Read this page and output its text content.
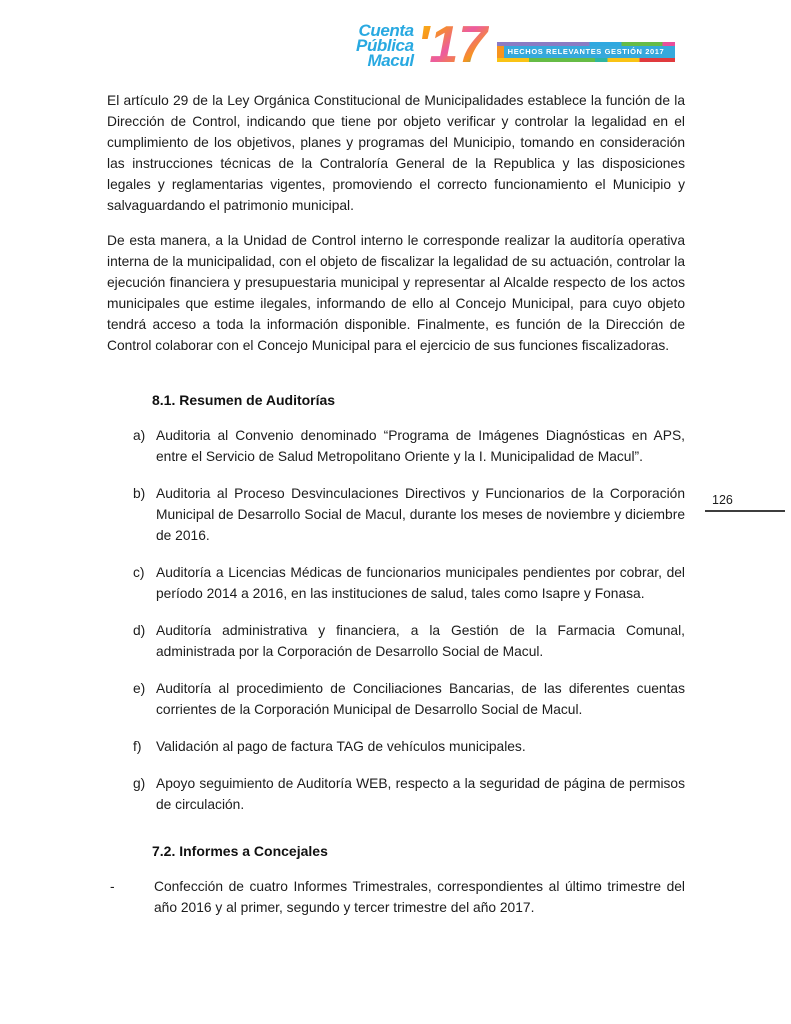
Cuenta
Pública
Macul '17	HECHOS RELEVANTES GESTIÓN 2017
126

El artículo 29 de la Ley Orgánica Constitucional de Municipalidades establece la función de la Dirección de Control, indicando que tiene por objeto verificar y controlar la legalidad en el cumplimiento de los objetivos, planes y programas del Municipio, tomando en consideración las instrucciones técnicas de la Contraloría General de la Republica y las disposiciones legales y reglamentarias vigentes, promoviendo el correcto funcionamiento el Municipio y salvaguardando el patrimonio municipal.

De esta manera, a la Unidad de Control interno le corresponde realizar la auditoría operativa interna de la municipalidad, con el objeto de fiscalizar la legalidad de su actuación, controlar la ejecución financiera y presupuestaria municipal y representar al Alcalde respecto de los actos municipales que estime ilegales, informando de ello al Concejo Municipal, para cuyo objeto tendrá acceso a toda la información disponible. Finalmente, es función de la Dirección de Control colaborar con el Concejo Municipal para el ejercicio de sus funciones fiscalizadoras.

8.1. Resumen de Auditorías
a) Auditoria al Convenio denominado “Programa de Imágenes Diagnósticas en APS, entre el Servicio de Salud Metropolitano Oriente y la I. Municipalidad de Macul”.
b) Auditoria al Proceso Desvinculaciones Directivos y Funcionarios de la Corporación Municipal de Desarrollo Social de Macul, durante los meses de noviembre y diciembre de 2016.
c) Auditoría a Licencias Médicas de funcionarios municipales pendientes por cobrar, del período 2014 a 2016, en las instituciones de salud, tales como Isapre y Fonasa.
d) Auditoría administrativa y financiera, a la Gestión de la Farmacia Comunal, administrada por la Corporación de Desarrollo Social de Macul.
e) Auditoría al procedimiento de Conciliaciones Bancarias, de las diferentes cuentas corrientes de la Corporación Municipal de Desarrollo Social de Macul.
f)	Validación al pago de factura TAG de vehículos municipales.
g) Apoyo seguimiento de Auditoría WEB, respecto a la seguridad de página de permisos de circulación.
7.2. Informes a Concejales
-	Confección de cuatro Informes Trimestrales, correspondientes al último trimestre del año 2016 y al primer, segundo y tercer trimestre del año 2017.
